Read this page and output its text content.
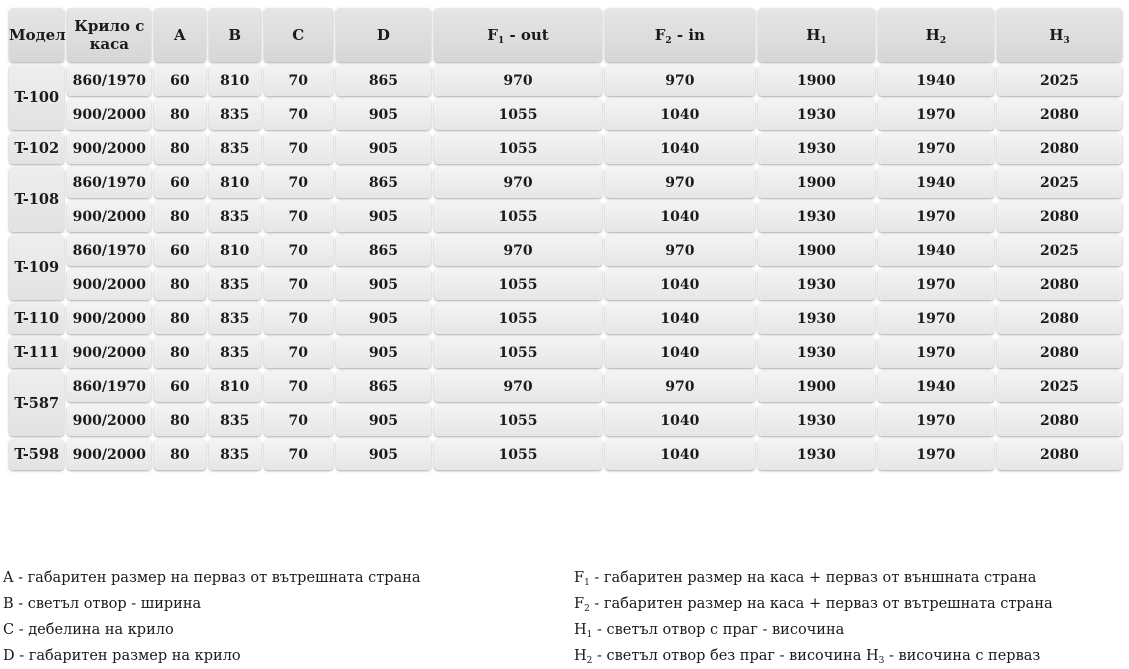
Модел	Крило с каса	A	B	C	D	$F_1$ - out	$F_2$ - in	$H_1$	$H_2$	$H_3$
T-100	860/1970	60	810	70	865	970	970	1900	1940	2025
	900/2000	80	835	70	905	1055	1040	1930	1970	2080
T-102	900/2000	80	835	70	905	1055	1040	1930	1970	2080
T-108	860/1970	60	810	70	865	970	970	1900	1940	2025
	900/2000	80	835	70	905	1055	1040	1930	1970	2080
T-109	860/1970	60	810	70	865	970	970	1900	1940	2025
	900/2000	80	835	70	905	1055	1040	1930	1970	2080
T-110	900/2000	80	835	70	905	1055	1040	1930	1970	2080
T-111	900/2000	80	835	70	905	1055	1040	1930	1970	2080
T-587	860/1970	60	810	70	865	970	970	1900	1940	2025
	900/2000	80	835	70	905	1055	1040	1930	1970	2080
T-598	900/2000	80	835	70	905	1055	1040	1930	1970	2080
A - габаритен размер на перваз от вътрешната страна
B - светъл отвор - ширина
C - дебелина на крило
D - габаритен размер на крило
$F_1$ - габаритен размер на каса + перваз от външната страна
$F_2$ - габаритен размер на каса + перваз от вътрешната страна
$H_1$ - светъл отвор с праг - височина
$H_2$ - светъл отвор без праг - височина $H_3$ - височина с перваз
